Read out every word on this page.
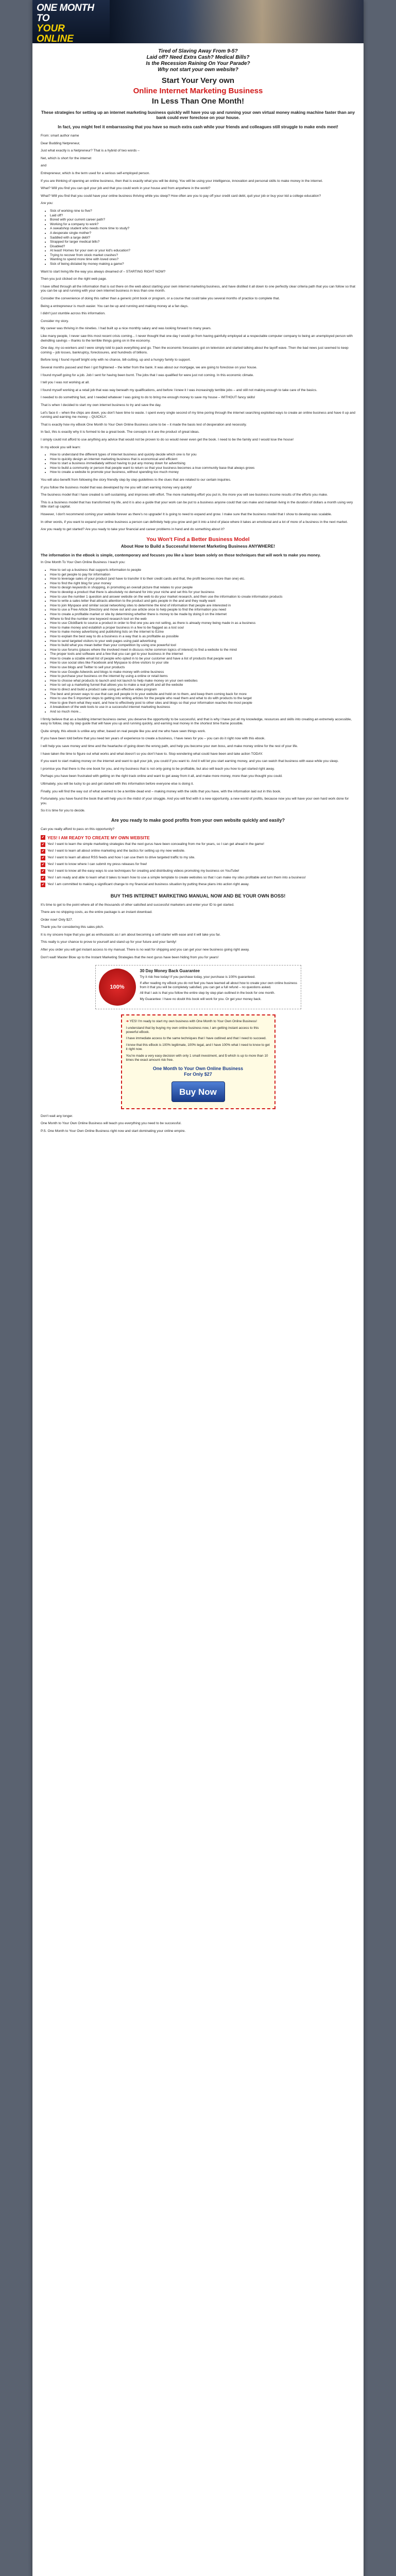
ONE MONTH TO
YOUR ONLINE
BUSINESS	Tired of Slaving Away From 9-5?
Laid off? Need Extra Cash? Medical Bills?
Is the Recession Raining On Your Parade?
Why not start your own website?
Start Your Very own
Online Internet Marketing Business
In Less Than One Month!
These strategies for setting up an internet marketing business quickly will have you up and running your own virtual money making machine faster than any bank could ever foreclose on your house.
In fact, you might feel it embarrassing that you have so much extra cash while your friends and colleagues still struggle to make ends meet!

From: smart author name

Dear Budding Netpreneur,

Just what exactly is a Netpreneur? That is a hybrid of two words –

Net, which is short for the internet

and

Entrepreneur, which is the term used for a serious self-employed person.

If you are thinking of opening an online business, then that is exactly what you will be doing. You will be using your intelligence, innovation and personal skills to make money in the internet.

What? Will you find you can quit your job and that you could work in your house and from anywhere in the world?

What? Will you find that you could have your online business thriving while you sleep? How often are you to pay off your credit card debt, quit your job or buy your kid a college education?

Are you:

• Sick of working nine to five?
• Laid off?
• Bored with your current career path?
• Working for a company to work?
• A sweatshop student who needs more time to study?
• A desperate single mother?
• Saddled with a large debt?
• Strapped for larger medical bills?
• Disabled?
• At least! Homes for your own or your kid's education?
• Trying to recover from stock market crashes?
• Wanting to spend more time with loved ones?
• Sick of being dictated by money making a game?

Want to start living life the way you always dreamed of – STARTING RIGHT NOW?

Then you just clicked on the right web page.

I have sifted through all the information that is out there on the web about starting your own internet marketing business, and have distilled it all down to one perfectly clear criteria path that you can follow so that you can be up and running with your own internet business in less than one month.

Consider the convenience of doing this rather than a generic print book or program, or a course that could take you several months of practice to complete that.

Being a entrepreneur is much easier. You can be up and running and making money at a fan days.

I didn't just stumble across this information.

Consider my story.

My career was thriving in the nineties. I had built up a nice monthly salary and was looking forward to many years.

Like many people, I never saw this most recent crisis coming... I never thought that one day I would go from having gainfully employed at a respectable computer company to being an unemployed person with dwindling savings – thanks to the terrible things going on in the economy.

One day, my co-workers and I were simply told to pack everything and go. Then the economic forecasters got on television and started talking about the layoff wave. Then the bad news just seemed to keep coming – job losses, bankruptcy, foreclosures, and hundreds of billions.

Before long I found myself bright only with no chance, bill-cutting, up and a hungry family to support.

Several months passed and then I got frightened – the letter from the bank. It was about our mortgage, we are going to foreclose on your house.

I found myself going for a job. Job I sent for having been burnt. The jobs that I was qualified for were just not coming. In this economic climate.

I tell you I was not working at all.

I found myself working at a retail job that was way beneath my qualifications, and before I knew it I was increasingly terrible jobs – and still not making enough to take care of the basics.

I needed to do something fast, and I needed whatever I was going to do to bring me enough money to save my house – WITHOUT fancy skills!

That is when I decided to start my own internet business to try and save the day.

Let's face it – when the chips are down, you don't have time to waste. I spent every single second of my time poring through the internet searching exploited ways to create an online business and have it up and running and earning me money – QUICKLY.

That is exactly how my eBook One Month to Your Own Online Business came to be – it made the basis test of desperation and necessity.

In fact, this is exactly why it is formed to be a great book. The concepts in it are the product of great ideas.

I simply could not afford to use anything any advice that would not be proven to do so would never even get the book. I need to be the family and I would lose the house!

In my ebook you will learn:

• How to understand the different types of internet business and quickly decide which one is for you
• How to quickly design an internet marketing business that is economical and efficient
• How to start a business immediately without having to put any money down for advertising
• How to build a community or person that people want to return so that your business becomes a true community base that always grows
• How to create a website to promote your business, without spending too much money

You will also benefit from following the story friendly step by step guidelines to the clues that are related to our certain inquiries.

If you follow the business model that was developed by me you will start earning money very quickly!

The business model that I have created is self-sustaining, and improves with effort. The more marketing effort you put in, the more you will see business income results of the efforts you make.

This is a business model that has transformed my life, and it is also a guide that your work can be put to a business anyone could that can make and maintain living in the duration of dollars a month using very little start up capital.

However, I don't recommend coming your website forever as there's no upgrade! It is going to need to expand and grow. I make sure that the business model that I show to develop was scalable.

In other words, if you want to expand your online business a person can definitely help you grow and get it into a kind of place where it takes an emotional and a lot of more of a business in the next market.

Are you ready to get started? Are you ready to take your financial and career problems in hand and do something about it?

You Won't Find a Better Business Model
About How to Build a Successful Internet Marketing Business ANYWHERE!

The information in the eBook is simple, contemporary and focuses you like a laser beam solely on those techniques that will work to make you money.

In One Month To Your Own Online Business I teach you:

• How to set up a business that supports information to people
• How to get people to pay for information
• How to leverage sales of your product (and have to transfer it to their credit cards and that, the profit becomes more than one) etc.
• How to find the right blog for your money
• How to design keywords in shopping, in promoting an overall picture that relates to your people
• How to develop a product that there is absolutely no demand for into your niche and set this for your business
• How to use the number 1 question and answer website on the web to do your market research, and then use the information to create information products
• How to write a sales letter that attracts attention to the product and gets people in the and and they really want
• How to join Myspace and similar social networking sites to determine the kind of information that people are interested in
• How to use a Free Article Directory and move out and use article once to help people to find the information you need
• How to create a profitable market or site by determining whether there is money to be made by doing it on the internet
• Where to find the number one keyword research tool on the web
• How to use ClickBank to source a product in order to find one you are not selling, as there is already money being made in as a business
• How to make money and establish a proper business in a few to be flagged as a lost soul
• How to make money advertising and publishing lists on the internet to Ezine
• How to explain the best way to do a business in a way that is as profitable as possible
• How to send targeted visitors to your web pages using paid advertising
• How to build what you mean better than your competition by using one powerful tool
• How to use forums (places where the involved meet in discuss niche common topics of interest) to find a website to the mind
• The proper tools and software and a few that you can get to your business in the internet
• How to create a sizable email list of people who opted in to be your customer and have a list of products that people want
• How to use social sites like Facebook and Myspace to drive visitors to your site
• How to use blogs and Twitter to sell your products
• How to use Google Adwords and blogs to make money with online business
• How to purchase your business on the internet by using a online or retail items
• How to choose what products to launch and not launch to help make money on your own websites
• How to set up a marketing funnel that allows you to make a real profit and all the website
• How to direct and build a product sale using an effective video program
• The best and proven ways to use that can pull people in to your website and hold on to them, and keep them coming back for more
• How to use the 5 important steps to getting into writing articles for the people who read them and what to do with products to the target
• How to give them what they want, and how to effectively post to other sites and blogs so that your information reaches the most people
• A breakdown of the web tools to use in a successful internet marketing business
• And so much more...

I firmly believe that as a budding internet business owner, you deserve the opportunity to be successful, and that is why I have put all my knowledge, resources and skills into creating an extremely accessible, easy to follow, step by step guide that will have you up and running quickly, and earning real money in the shortest time frame possible.

Quite simply, this ebook is unlike any other, based on real people like you and me who have seen things work.

If you have been told before that you need ten years of experience to create a business, I have news for you – you can do it right now with this ebook.

I will help you save money and time and the heartache of going down the wrong path, and help you become your own boss, and make money online for the rest of your life.

I have taken the time to figure out what works and what doesn't so you don't have to. Stop wondering what could have been and take action TODAY.

If you want to start making money on the internet and want to quit your job, you could if you want to. And it will let you start earning money, and you can watch that business with ease while you sleep.

I promise you that there is the one book for you, and my business that is not only going to be profitable, but also will teach you how to get started right away.

Perhaps you have been frustrated with getting on the right track online and want to get away from it all, and make more money, more than you thought you could.

Ultimately, you will be lucky to go and get started with this information before everyone else is doing it.

Finally, you will find the way out of what seemed to be a terrible dead end – making money with the skills that you have, with the information laid out in this book.

Fortunately, you have found the book that will help you in the midst of your struggle. And you will find with it a new opportunity, a new world of profits, because now you will have your own hard work done for you.

So it is time for you to decide.

Are you ready to make good profits from your own website quickly and easily?

Can you really afford to pass on this opportunity?

✔ YES! I AM READY TO CREATE MY OWN WEBSITE
✔ Yes! I want to learn the simple marketing strategies that the next gurus have been concealing from me for years, so I can get ahead in the game!
✔ Yes! I want to learn all about online marketing and the tactics for setting up my new website.
✔ Yes! I want to learn all about RSS feeds and how I can use them to drive targeted traffic to my site.
✔ Yes! I want to know where I can submit my press releases for free!
✔ Yes! I want to know all the easy ways to use techniques for creating and distributing videos promoting my business on YouTube!
✔ Yes! I am ready and able to learn what it takes to learn how to use a simple template to create websites so that I can make my sites profitable and turn them into a business!
✔ Yes! I am committed to making a significant change to my financial and business situation by putting these plans into action right away.
BUY THIS INTERNET MARKETING MANUAL NOW AND BE YOUR OWN BOSS!

It's time to get to the point where all of the thousands of other satisfied and successful marketers and enter your ID to get started.

There are no shipping costs, as the entire package is an instant download.

Order now! Only $27.

Thank you for considering this sales pitch.

It is my sincere hope that you get as enthusiastic as I am about becoming a self-starter with ease and it will take you far.

This really is your chance to prove to yourself and stand up for your future and your family!

After you order you will get instant access to my manual. There is no wait for shipping and you can get your new business going right away.

Don't wait! Master Blow up to the Instant Marketing Strategies that the next gurus have been hiding from you for years!

100%
30 Day Money Back Guarantee
Try it risk free today! If you purchase today, your purchase is 100% guaranteed.
If after reading my eBook you do not feel you have learned all about how to create your own online business from it that you will be completely satisfied, you can get a full refund – no questions asked.
All that I ask is that you follow the entire step by step plan outlined in the book for one month.
My Guarantee: I have no doubt this book will work for you. Or get your money back.
➜ YES! I'm ready to start my own business with One Month to Your Own Online Business!
I understand that by buying my own online business now, I am getting instant access to this powerful eBook.
I have immediate access to the same techniques that I have outlined and that I need to succeed.
I know that this eBook is 100% legitimate, 100% legal, and I have 100% what I need to know to get it right now.
You're made a very easy decision with only 1 small investment, and $ which is up to more than 10 times the exact amount risk free.
One Month to Your Own Online Business
For Only $27
Buy Now

Don't wait any longer.

One Month to Your Own Online Business will teach you everything you need to be successful.

P.S. One Month to Your Own Online Business right now and start dominating your online empire.
